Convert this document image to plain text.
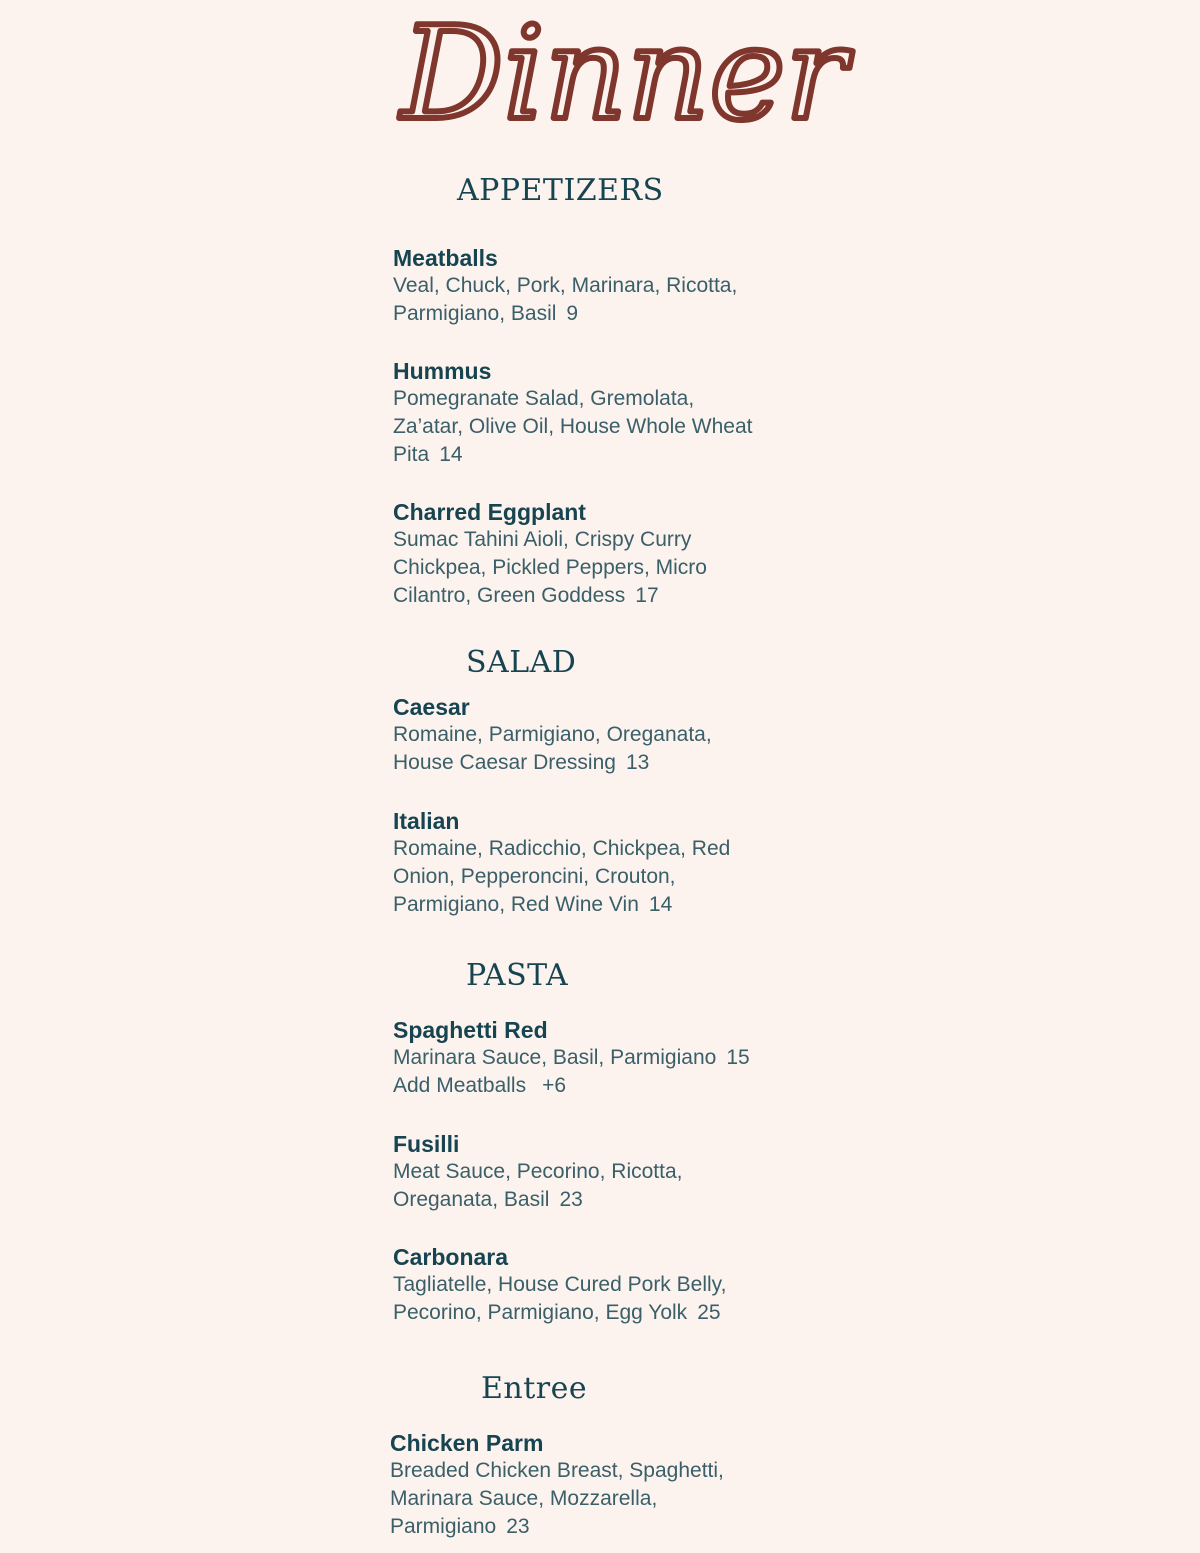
Dinner
APPETIZERS
Meatballs
Veal, Chuck, Pork, Marinara, Ricotta,
Parmigiano, Basil 9
Hummus
Pomegranate Salad, Gremolata,
Za’atar, Olive Oil, House Whole Wheat
Pita 14
Charred Eggplant
Sumac Tahini Aioli, Crispy Curry
Chickpea, Pickled Peppers, Micro
Cilantro, Green Goddess 17
SALAD
Caesar
Romaine, Parmigiano, Oreganata,
House Caesar Dressing 13
Italian
Romaine, Radicchio, Chickpea, Red
Onion, Pepperoncini, Crouton,
Parmigiano, Red Wine Vin 14
PASTA
Spaghetti Red
Marinara Sauce, Basil, Parmigiano 15
Add Meatballs +6
Fusilli
Meat Sauce, Pecorino, Ricotta,
Oreganata, Basil 23
Carbonara
Tagliatelle, House Cured Pork Belly,
Pecorino, Parmigiano, Egg Yolk 25
Entree
Chicken Parm
Breaded Chicken Breast, Spaghetti,
Marinara Sauce, Mozzarella,
Parmigiano 23
